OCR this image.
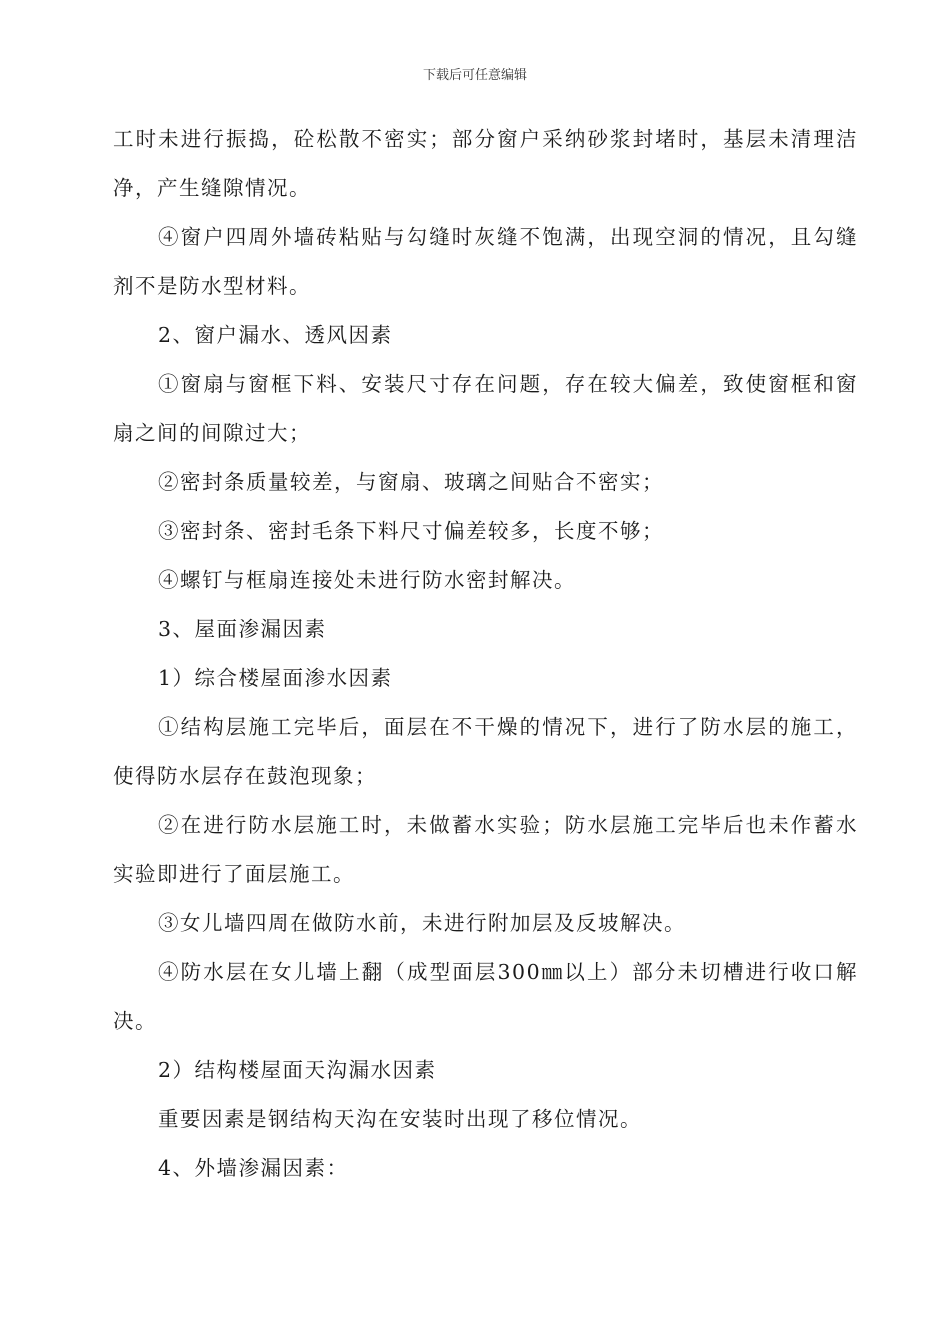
下载后可任意编辑

工时未进行振捣，砼松散不密实；部分窗户采纳砂浆封堵时，基层未清理洁净，产生缝隙情况。

④窗户四周外墙砖粘贴与勾缝时灰缝不饱满，出现空洞的情况，且勾缝剂不是防水型材料。

2、窗户漏水、透风因素

①窗扇与窗框下料、安装尺寸存在问题，存在较大偏差，致使窗框和窗扇之间的间隙过大；

②密封条质量较差，与窗扇、玻璃之间贴合不密实；

③密封条、密封毛条下料尺寸偏差较多，长度不够；

④螺钉与框扇连接处未进行防水密封解决。

3、屋面渗漏因素

1）综合楼屋面渗水因素

①结构层施工完毕后，面层在不干燥的情况下，进行了防水层的施工，使得防水层存在鼓泡现象；

②在进行防水层施工时，未做蓄水实验；防水层施工完毕后也未作蓄水实验即进行了面层施工。

③女儿墙四周在做防水前，未进行附加层及反坡解决。

④防水层在女儿墙上翻（成型面层300㎜以上）部分未切槽进行收口解决。

2）结构楼屋面天沟漏水因素

重要因素是钢结构天沟在安装时出现了移位情况。

4、外墙渗漏因素：
